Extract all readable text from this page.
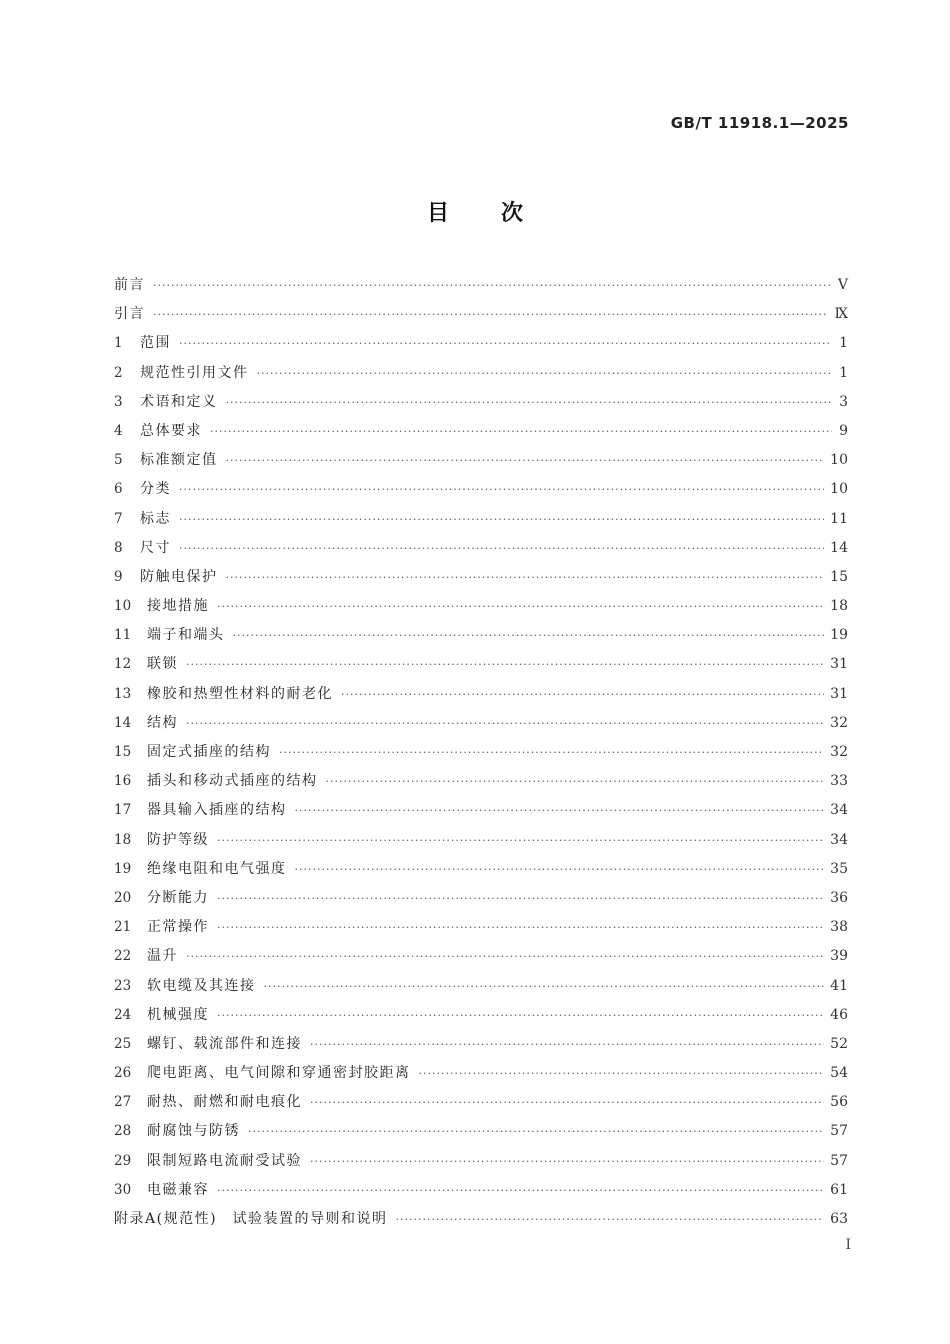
GB/T 11918.1—2025
目次
前言 ·····	Ⅴ
引言 ·····	Ⅸ
1	范围 ·····	1
2	规范性引用文件 ·····	1
3	术语和定义 ·····	3
4	总体要求 ·····	9
5	标准额定值 ·····	10
6	分类 ·····	10
7	标志 ·····	11
8	尺寸 ·····	14
9	防触电保护 ·····	15
10	接地措施 ·····	18
11	端子和端头 ·····	19
12	联锁 ·····	31
13	橡胶和热塑性材料的耐老化 ·····	31
14	结构 ·····	32
15	固定式插座的结构 ·····	32
16	插头和移动式插座的结构 ·····	33
17	器具输入插座的结构 ·····	34
18	防护等级 ·····	34
19	绝缘电阻和电气强度 ·····	35
20	分断能力 ·····	36
21	正常操作 ·····	38
22	温升 ·····	39
23	软电缆及其连接 ·····	41
24	机械强度 ·····	46
25	螺钉、载流部件和连接 ·····	52
26	爬电距离、电气间隙和穿通密封胶距离 ·····	54
27	耐热、耐燃和耐电痕化 ·····	56
28	耐腐蚀与防锈 ·····	57
29	限制短路电流耐受试验 ·····	57
30	电磁兼容 ·····	61
附录A(规范性)　试验装置的导则和说明 ·····	63
Ⅰ
